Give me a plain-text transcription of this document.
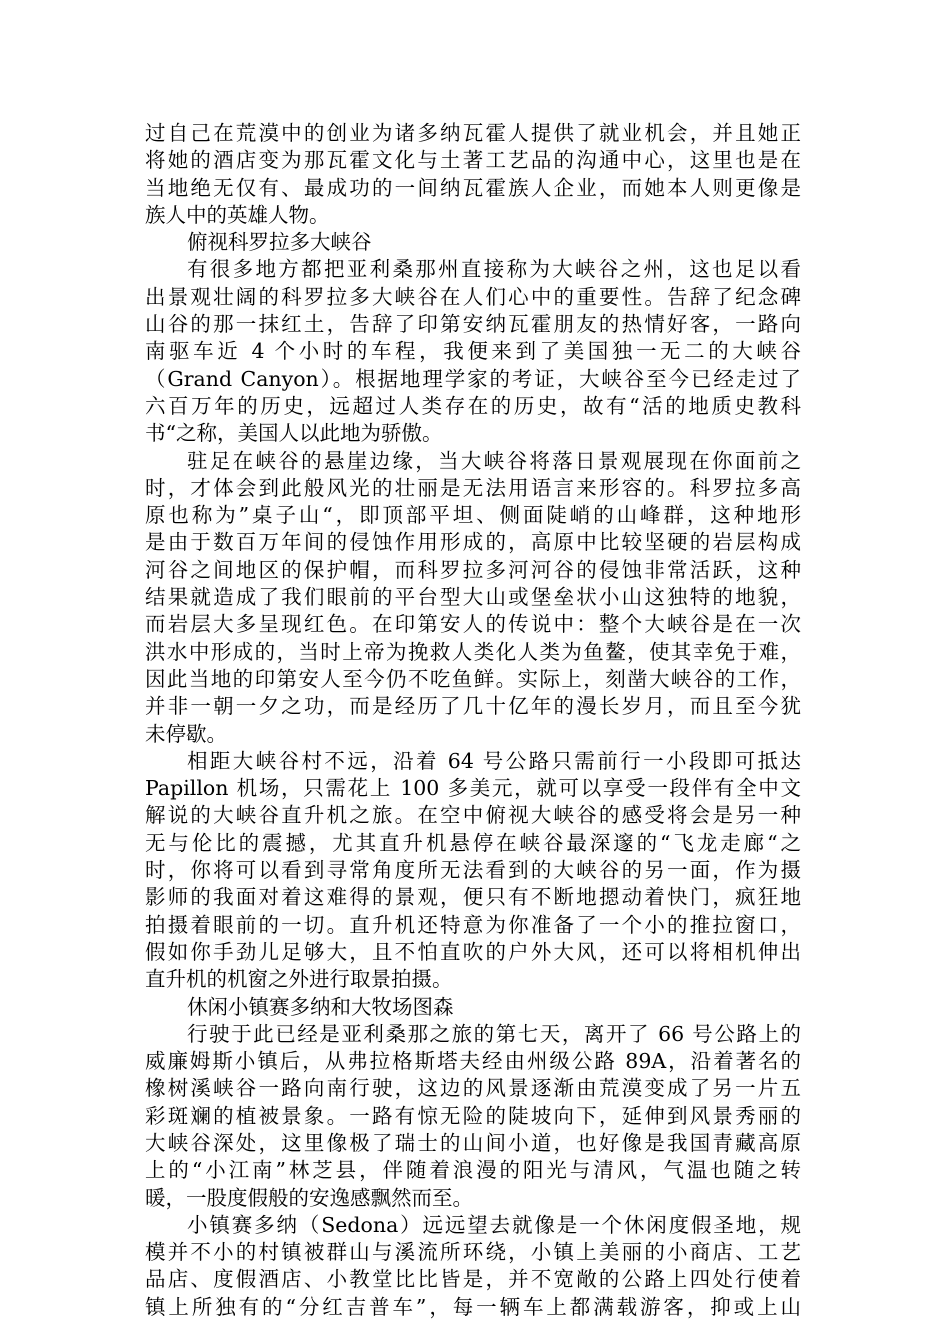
过自己在荒漠中的创业为诸多纳瓦霍人提供了就业机会，并且她正
将她的酒店变为那瓦霍文化与土著工艺品的沟通中心，这里也是在
当地绝无仅有、最成功的一间纳瓦霍族人企业，而她本人则更像是
族人中的英雄人物。
俯视科罗拉多大峡谷
有很多地方都把亚利桑那州直接称为大峡谷之州，这也足以看
出景观壮阔的科罗拉多大峡谷在人们心中的重要性。告辞了纪念碑
山谷的那一抹红土，告辞了印第安纳瓦霍朋友的热情好客，一路向
南驱车近 4 个小时的车程，我便来到了美国独一无二的大峡谷
（Grand Canyon）。根据地理学家的考证，大峡谷至今已经走过了
六百万年的历史，远超过人类存在的历史，故有“活的地质史教科
书“之称，美国人以此地为骄傲。
驻足在峡谷的悬崖边缘，当大峡谷将落日景观展现在你面前之
时，才体会到此般风光的壮丽是无法用语言来形容的。科罗拉多高
原也称为”桌子山“，即顶部平坦、侧面陡峭的山峰群，这种地形
是由于数百万年间的侵蚀作用形成的，高原中比较坚硬的岩层构成
河谷之间地区的保护帽，而科罗拉多河河谷的侵蚀非常活跃，这种
结果就造成了我们眼前的平台型大山或堡垒状小山这独特的地貌，
而岩层大多呈现红色。在印第安人的传说中：整个大峡谷是在一次
洪水中形成的，当时上帝为挽救人类化人类为鱼鳌，使其幸免于难，
因此当地的印第安人至今仍不吃鱼鲜。实际上，刻凿大峡谷的工作，
并非一朝一夕之功，而是经历了几十亿年的漫长岁月，而且至今犹
未停歇。
相距大峡谷村不远，沿着 64 号公路只需前行一小段即可抵达
Papillon 机场，只需花上 100 多美元，就可以享受一段伴有全中文
解说的大峡谷直升机之旅。在空中俯视大峡谷的感受将会是另一种
无与伦比的震撼，尤其直升机悬停在峡谷最深邃的“飞龙走廊“之
时，你将可以看到寻常角度所无法看到的大峡谷的另一面，作为摄
影师的我面对着这难得的景观，便只有不断地摁动着快门，疯狂地
拍摄着眼前的一切。直升机还特意为你准备了一个小的推拉窗口，
假如你手劲儿足够大，且不怕直吹的户外大风，还可以将相机伸出
直升机的机窗之外进行取景拍摄。
休闲小镇赛多纳和大牧场图森
行驶于此已经是亚利桑那之旅的第七天，离开了 66 号公路上的
威廉姆斯小镇后，从弗拉格斯塔夫经由州级公路 89A，沿着著名的
橡树溪峡谷一路向南行驶，这边的风景逐渐由荒漠变成了另一片五
彩斑斓的植被景象。一路有惊无险的陡坡向下，延伸到风景秀丽的
大峡谷深处，这里像极了瑞士的山间小道，也好像是我国青藏高原
上的“小江南”林芝县，伴随着浪漫的阳光与清风，气温也随之转
暖，一股度假般的安逸感飘然而至。
小镇赛多纳（Sedona）远远望去就像是一个休闲度假圣地，规
模并不小的村镇被群山与溪流所环绕，小镇上美丽的小商店、工艺
品店、度假酒店、小教堂比比皆是，并不宽敞的公路上四处行使着
镇上所独有的“分红吉普车”，每一辆车上都满载游客，抑或上山
